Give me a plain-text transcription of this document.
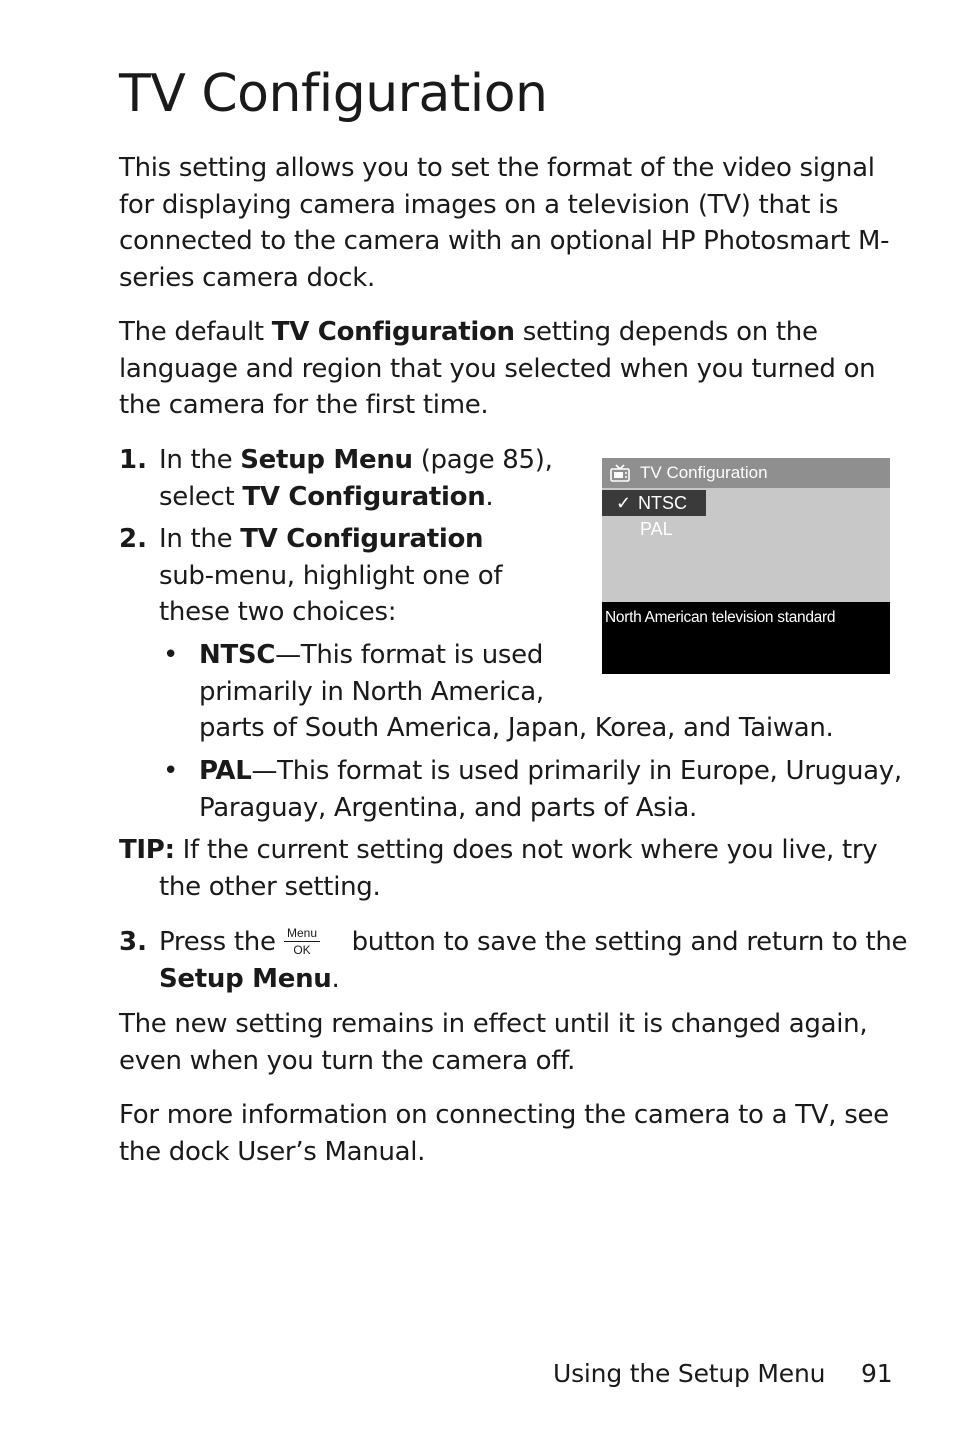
TV Configuration

This setting allows you to set the format of the video signal for displaying camera images on a television (TV) that is connected to the camera with an optional HP Photosmart M-series camera dock.

The default TV Configuration setting depends on the language and region that you selected when you turned on the camera for the first time.

1. In the Setup Menu (page 85),
select TV Configuration.
2. In the TV Configuration
sub-menu, highlight one of
these two choices:
• NTSC—This format is used
primarily in North America,
parts of South America, Japan, Korea, and Taiwan.
• PAL—This format is used primarily in Europe, Uruguay,
Paraguay, Argentina, and parts of Asia.
TIP: If the current setting does not work where you live, try
the other setting.
3. Press the  button to save the setting and return to the
Setup Menu.
Menu
OK

The new setting remains in effect until it is changed again, even when you turn the camera off.

For more information on connecting the camera to a TV, see the dock User’s Manual.

TV Configuration
✓ NTSC
PAL
North American television standard
Using the Setup Menu 91
